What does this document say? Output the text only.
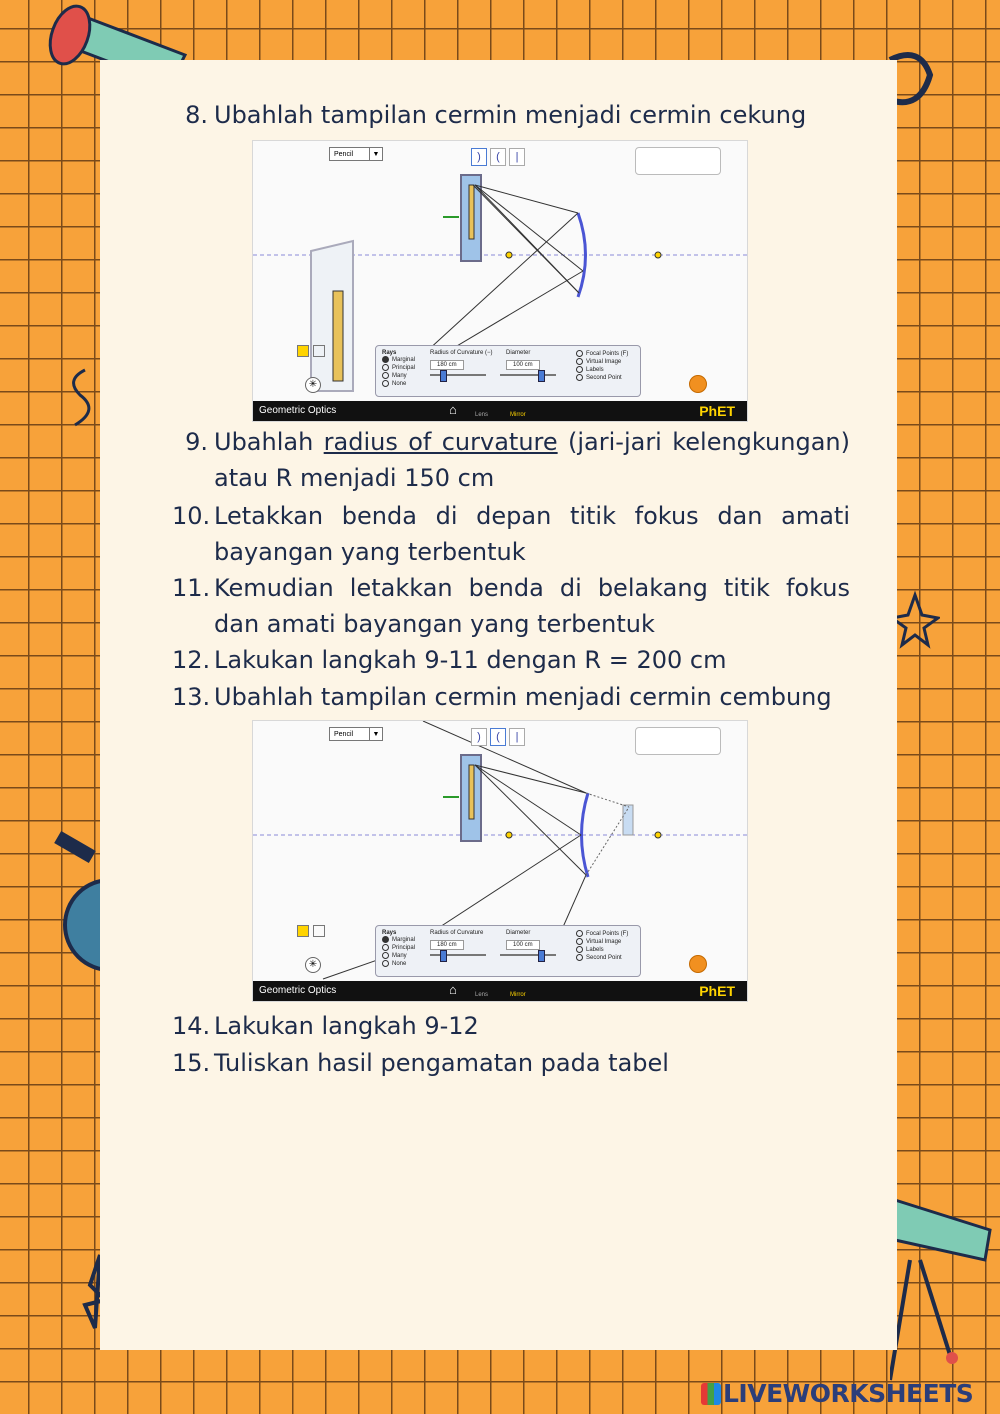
8. Ubahlah tampilan cermin menjadi cermin cekung
Pencil	▼	) ( |
Rays
Marginal
Principal
Many
None
Radius of Curvature (−)
180 cm
Diameter
100 cm
Focal Points (F)
Virtual Image
Labels
Second Point
✳
Geometric Optics	⌂	Lens	Mirror	PhET
9. Ubahlah radius of curvature (jari-jari kelengkungan) atau R menjadi 150 cm
10. Letakkan benda di depan titik fokus dan amati bayangan yang terbentuk
11. Kemudian letakkan benda di belakang titik fokus dan amati bayangan yang terbentuk
12. Lakukan langkah 9-11 dengan R = 200 cm
13. Ubahlah tampilan cermin menjadi cermin cembung
Pencil	▼	) ( |
Rays
Marginal
Principal
Many
None
Radius of Curvature
180 cm
Diameter
100 cm
Focal Points (F)
Virtual Image
Labels
Second Point
✳
Geometric Optics	⌂	Lens	Mirror	PhET
14. Lakukan langkah 9-12
15. Tuliskan hasil pengamatan pada tabel
LIVEWORKSHEETS
